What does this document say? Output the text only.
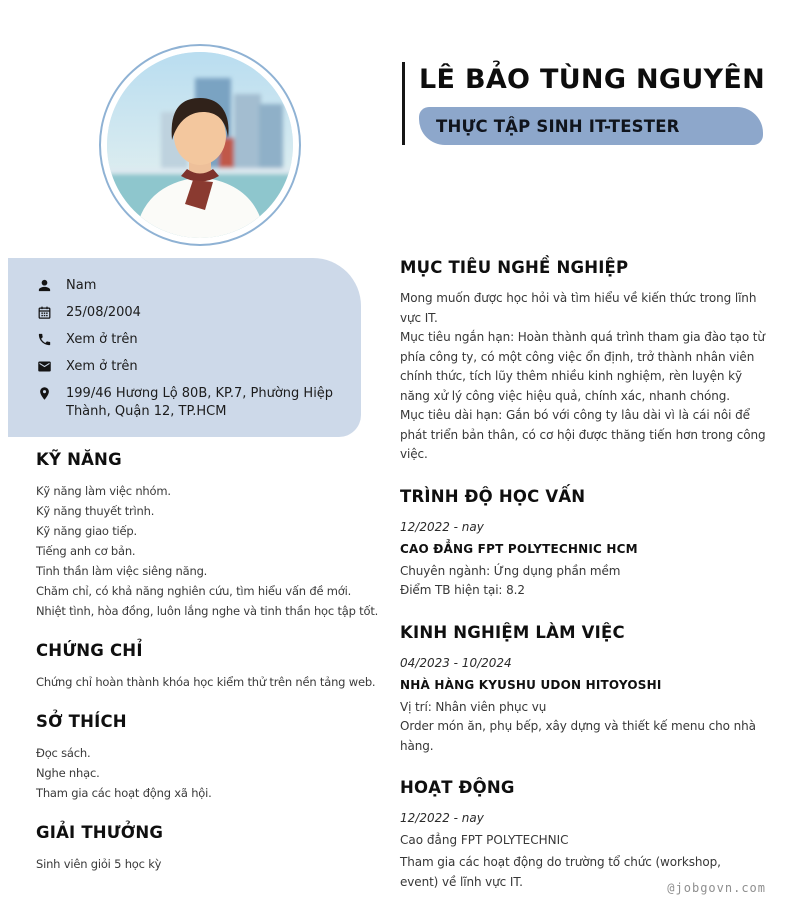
LÊ BẢO TÙNG NGUYÊN
THỰC TẬP SINH IT-TESTER
Nam
25/08/2004
Xem ở trên
Xem ở trên
199/46 Hương Lộ 80B, KP.7, Phường Hiệp Thành, Quận 12, TP.HCM
KỸ NĂNG

Kỹ năng làm việc nhóm.

Kỹ năng thuyết trình.

Kỹ năng giao tiếp.

Tiếng anh cơ bản.

Tinh thần làm việc siêng năng.

Chăm chỉ, có khả năng nghiên cứu, tìm hiểu vấn đề mới.

Nhiệt tình, hòa đồng, luôn lắng nghe và tinh thần học tập tốt.

CHỨNG CHỈ

Chứng chỉ hoàn thành khóa học kiểm thử trên nền tảng web.

SỞ THÍCH

Đọc sách.

Nghe nhạc.

Tham gia các hoạt động xã hội.

GIẢI THƯỞNG

Sinh viên giỏi 5 học kỳ

MỤC TIÊU NGHỀ NGHIỆP

Mong muốn được học hỏi và tìm hiểu về kiến thức trong lĩnh vực IT.

Mục tiêu ngắn hạn: Hoàn thành quá trình tham gia đào tạo từ phía công ty, có một công việc ổn định, trở thành nhân viên chính thức, tích lũy thêm nhiều kinh nghiệm, rèn luyện kỹ năng xử lý công việc hiệu quả, chính xác, nhanh chóng.

Mục tiêu dài hạn: Gắn bó với công ty lâu dài vì là cái nôi để phát triển bản thân, có cơ hội được thăng tiến hơn trong công việc.

TRÌNH ĐỘ HỌC VẤN

12/2022 - nay

CAO ĐẲNG FPT POLYTECHNIC HCM

Chuyên ngành: Ứng dụng phần mềm

Điểm TB hiện tại: 8.2

KINH NGHIỆM LÀM VIỆC

04/2023 - 10/2024

NHÀ HÀNG KYUSHU UDON HITOYOSHI

Vị trí: Nhân viên phục vụ

Order món ăn, phụ bếp, xây dựng và thiết kế menu cho nhà hàng.

HOẠT ĐỘNG

12/2022 - nay

Cao đẳng FPT POLYTECHNIC

Tham gia các hoạt động do trường tổ chức (workshop,

event) về lĩnh vực IT.	@jobgovn.com
